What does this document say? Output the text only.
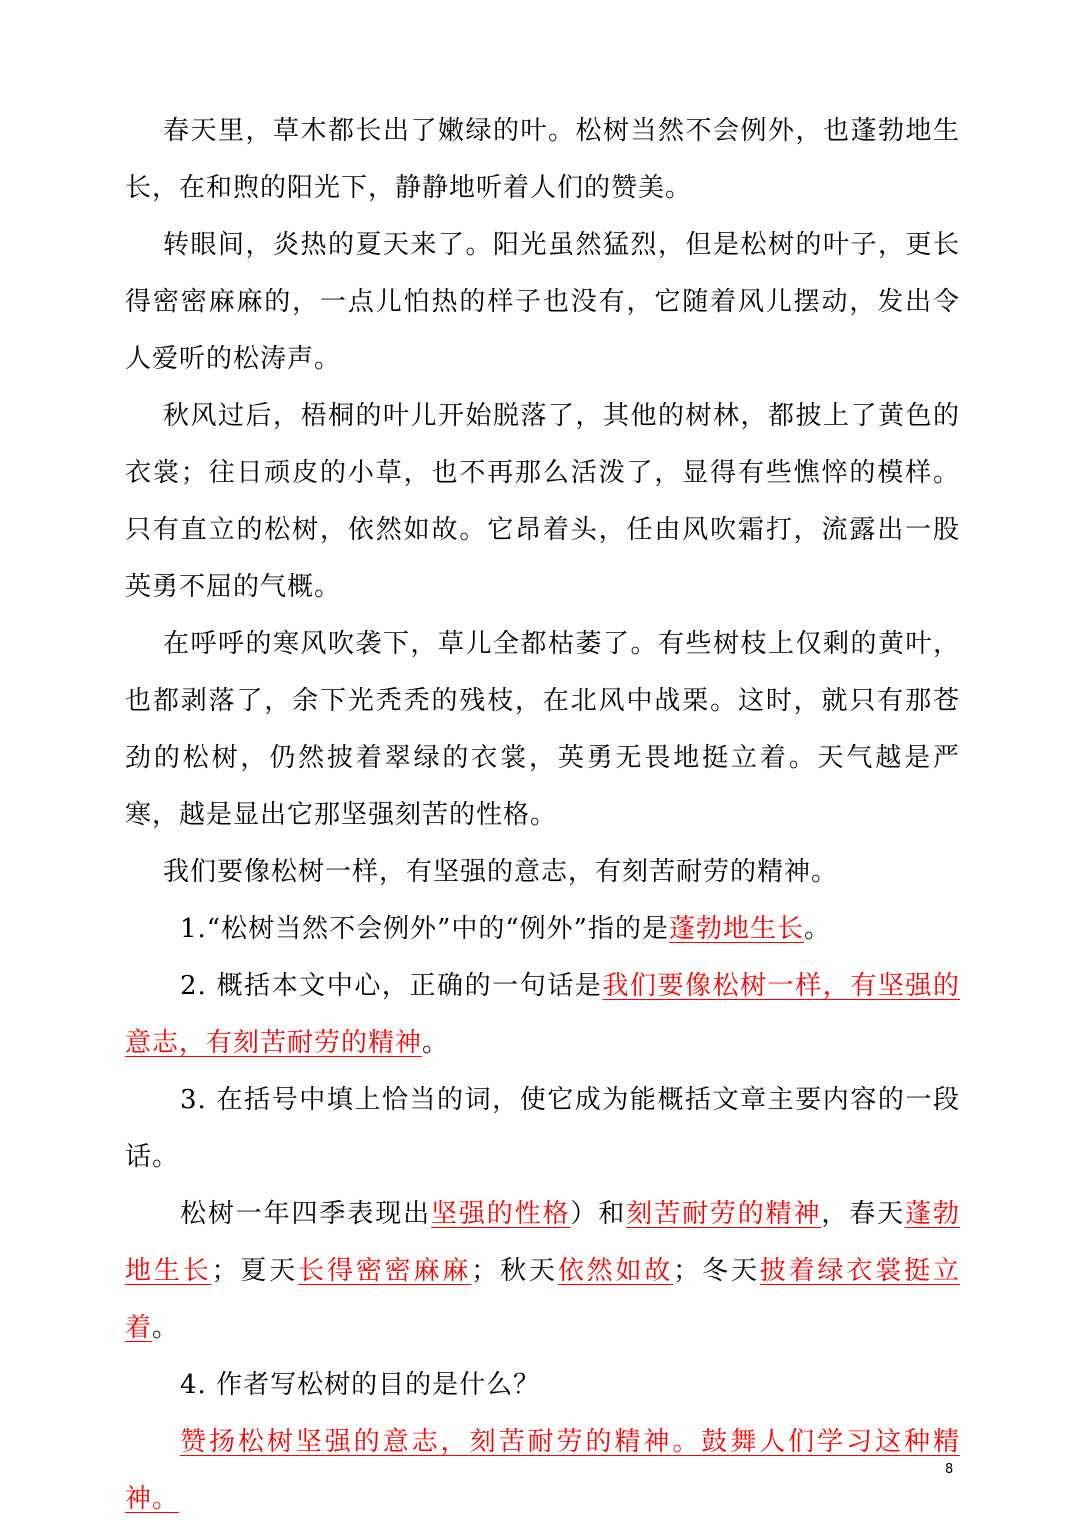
春天里，草木都长出了嫩绿的叶。松树当然不会例外，也蓬勃地生长，在和煦的阳光下，静静地听着人们的赞美。

转眼间，炎热的夏天来了。阳光虽然猛烈，但是松树的叶子，更长得密密麻麻的，一点儿怕热的样子也没有，它随着风儿摆动，发出令人爱听的松涛声。

秋风过后，梧桐的叶儿开始脱落了，其他的树林，都披上了黄色的衣裳；往日顽皮的小草，也不再那么活泼了，显得有些憔悴的模样。只有直立的松树，依然如故。它昂着头，任由风吹霜打，流露出一股英勇不屈的气概。

在呼呼的寒风吹袭下，草儿全都枯萎了。有些树枝上仅剩的黄叶，也都剥落了，余下光秃秃的残枝，在北风中战栗。这时，就只有那苍劲的松树，仍然披着翠绿的衣裳，英勇无畏地挺立着。天气越是严寒，越是显出它那坚强刻苦的性格。

我们要像松树一样，有坚强的意志，有刻苦耐劳的精神。

1.“松树当然不会例外”中的“例外”指的是蓬勃地生长。

2. 概括本文中心，正确的一句话是我们要像松树一样，有坚强的意志，有刻苦耐劳的精神。

3. 在括号中填上恰当的词，使它成为能概括文章主要内容的一段话。

松树一年四季表现出坚强的性格）和刻苦耐劳的精神，春天蓬勃地生长；夏天长得密密麻麻；秋天依然如故；冬天披着绿衣裳挺立着。

4. 作者写松树的目的是什么？

赞扬松树坚强的意志，刻苦耐劳的精神。鼓舞人们学习这种精神。

8
